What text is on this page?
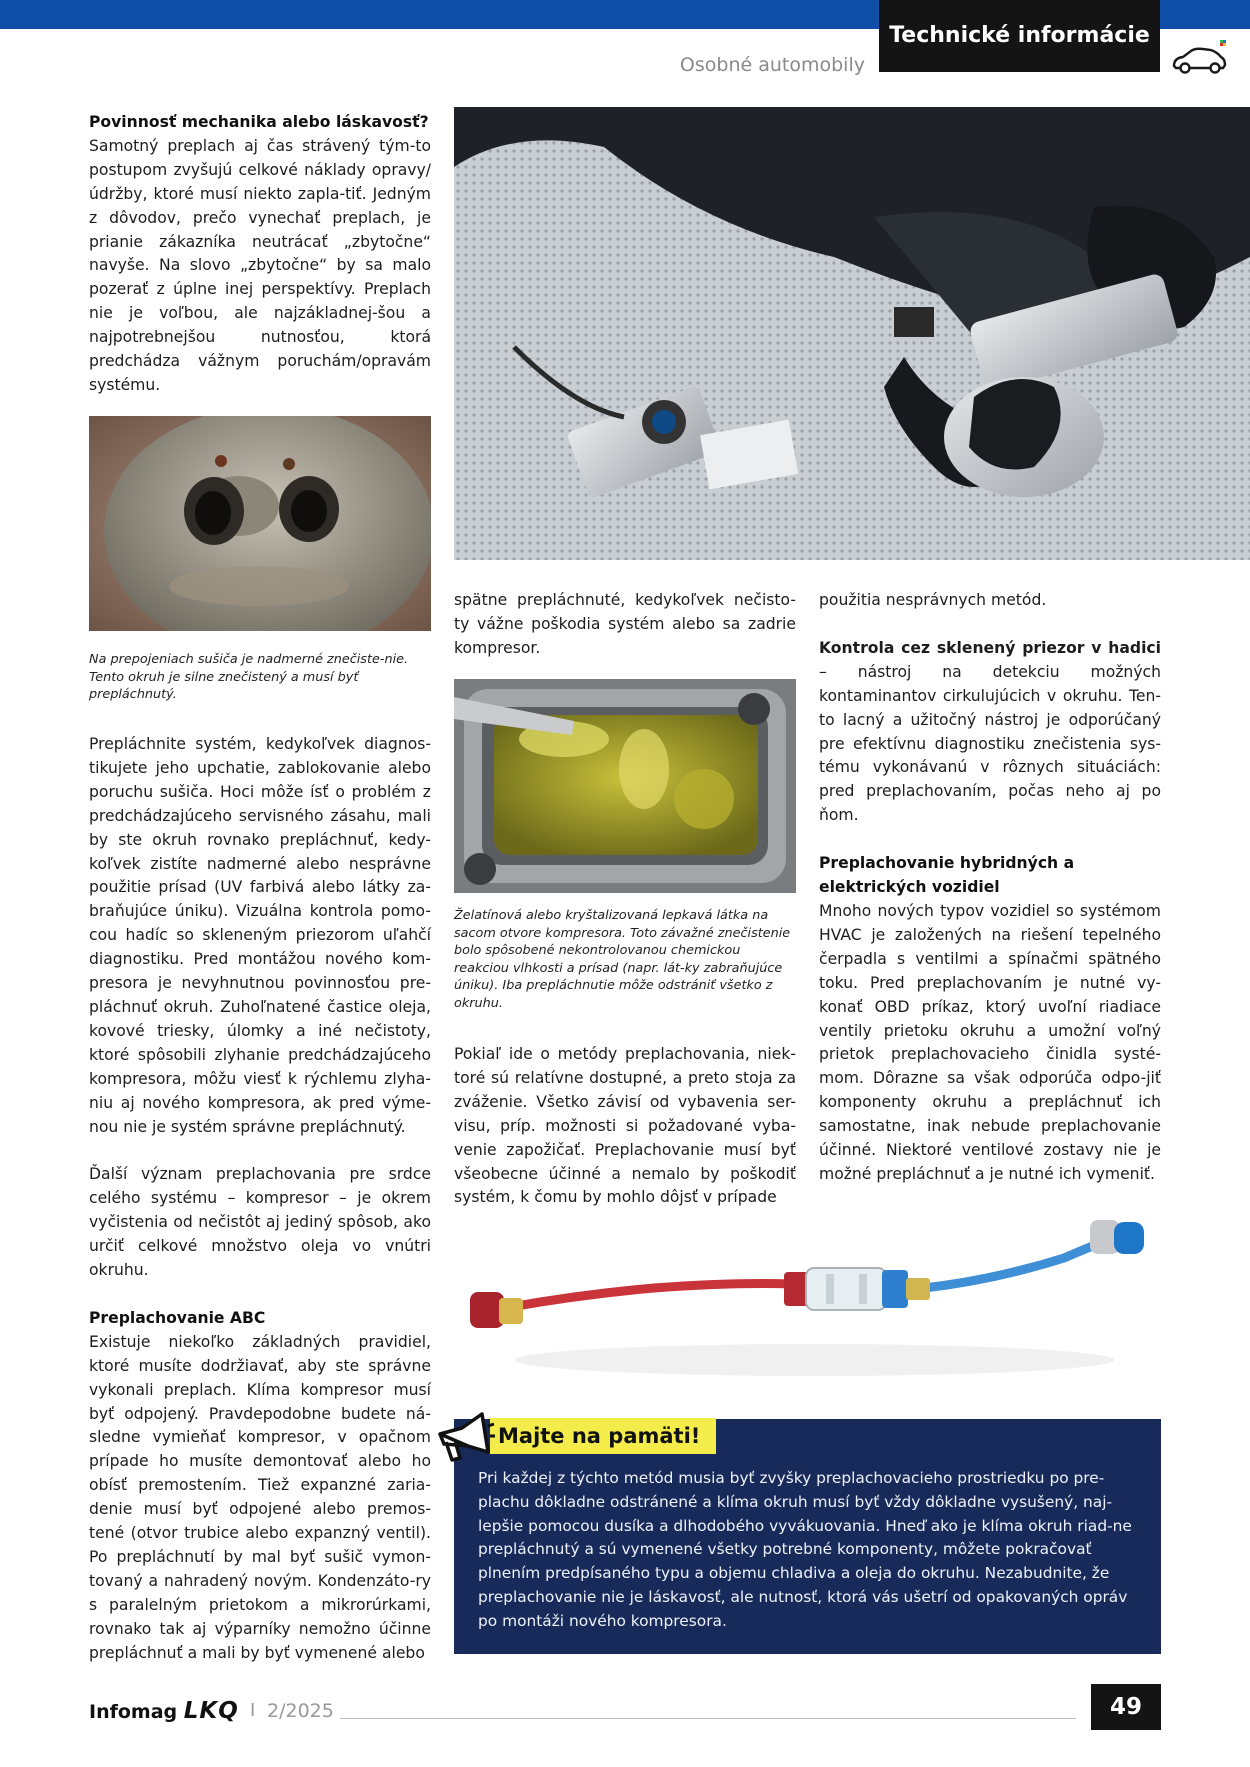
Technické informácie
Osobné automobily
Povinnosť mechanika alebo láskavosť?

Samotný preplach aj čas strávený tým-to postupom zvyšujú celkové náklady opravy/údržby, ktoré musí niekto zapla-tiť. Jedným z dôvodov, prečo vynechať preplach, je prianie zákazníka neutrácať „zbytočne“ navyše. Na slovo „zbytočne“ by sa malo pozerať z úplne inej perspektívy. Preplach nie je voľbou, ale najzákladnej-šou a najpotrebnejšou nutnosťou, ktorá predchádza vážnym poruchám/opravám systému.

Na prepojeniach sušiča je nadmerné znečiste-nie. Tento okruh je silne znečistený a musí byť prepláchnutý.

Prepláchnite systém, kedykoľvek diagnos-tikujete jeho upchatie, zablokovanie alebo poruchu sušiča. Hoci môže ísť o problém z predchádzajúceho servisného zásahu, mali by ste okruh rovnako prepláchnuť, kedy-koľvek zistíte nadmerné alebo nesprávne použitie prísad (UV farbivá alebo látky za-braňujúce úniku). Vizuálna kontrola pomo-cou hadíc so skleneným priezorom uľahčí diagnostiku. Pred montážou nového kom-presora je nevyhnutnou povinnosťou pre-pláchnuť okruh. Zuhoľnatené častice oleja, kovové triesky, úlomky a iné nečistoty, ktoré spôsobili zlyhanie predchádzajúceho kompresora, môžu viesť k rýchlemu zlyha-niu aj nového kompresora, ak pred výme-nou nie je systém správne prepláchnutý.

Ďalší význam preplachovania pre srdce celého systému – kompresor – je okrem vyčistenia od nečistôt aj jediný spôsob, ako určiť celkové množstvo oleja vo vnútri okruhu.

Preplachovanie ABC

Existuje niekoľko základných pravidiel, ktoré musíte dodržiavať, aby ste správne vykonali preplach. Klíma kompresor musí byť odpojený. Pravdepodobne budete ná-sledne vymieňať kompresor, v opačnom prípade ho musíte demontovať alebo ho obísť premostením. Tiež expanzné zaria-denie musí byť odpojené alebo premos-tené (otvor trubice alebo expanzný ventil). Po prepláchnutí by mal byť sušič vymon-tovaný a nahradený novým. Kondenzáto-ry s paralelným prietokom a mikrorúrkami, rovnako tak aj výparníky nemožno účinne prepláchnuť a mali by byť vymenené alebo

spätne prepláchnuté, kedykoľvek nečisto-ty vážne poškodia systém alebo sa zadrie kompresor.

Želatínová alebo kryštalizovaná lepkavá látka na sacom otvore kompresora. Toto závažné znečistenie bolo spôsobené nekontrolovanou chemickou reakciou vlhkosti a prísad (napr. lát-ky zabraňujúce úniku). Iba prepláchnutie môže odstrániť všetko z okruhu.

Pokiaľ ide o metódy preplachovania, niek-toré sú relatívne dostupné, a preto stoja za zváženie. Všetko závisí od vybavenia ser-visu, príp. možnosti si požadované vyba-venie zapožičať. Preplachovanie musí byť všeobecne účinné a nemalo by poškodiť systém, k čomu by mohlo dôjsť v prípade

použitia nesprávnych metód.

Kontrola cez sklenený priezor v hadici – nástroj na detekciu možných kontaminantov cirkulujúcich v okruhu. Ten-to lacný a užitočný nástroj je odporúčaný pre efektívnu diagnostiku znečistenia sys-tému vykonávanú v rôznych situáciách: pred preplachovaním, počas neho aj po ňom.

Preplachovanie hybridných a elektrických vozidiel

Mnoho nových typov vozidiel so systémom HVAC je založených na riešení tepelného čerpadla s ventilmi a spínačmi spätného toku. Pred preplachovaním je nutné vy-konať OBD príkaz, ktorý uvoľní riadiace ventily prietoku okruhu a umožní voľný prietok preplachovacieho činidla systé-mom. Dôrazne sa však odporúča odpo-jiť komponenty okruhu a prepláchnuť ich samostatne, inak nebude preplachovanie účinné. Niektoré ventilové zostavy nie je možné prepláchnuť a je nutné ich vymeniť.

Pri každej z týchto metód musia byť zvyšky preplachovacieho prostriedku po pre-plachu dôkladne odstránené a klíma okruh musí byť vždy dôkladne vysušený, naj-lepšie pomocou dusíka a dlhodobého vyvákuovania. Hneď ako je klíma okruh riad-ne prepláchnutý a sú vymenené všetky potrebné komponenty, môžete pokračovať plnením predpísaného typu a objemu chladiva a oleja do okruhu. Nezabudnite, že preplachovanie nie je láskavosť, ale nutnosť, ktorá vás ušetrí od opakovaných opráv po montáži nového kompresora.
Majte na pamäti!
Infomag LKQ I 2/2025	49
